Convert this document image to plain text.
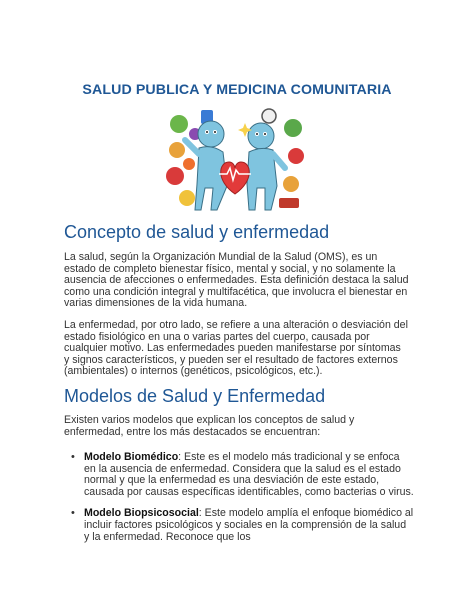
SALUD PUBLICA Y MEDICINA COMUNITARIA
Concepto de salud y enfermedad
La salud, según la Organización Mundial de la Salud (OMS), es un estado de completo bienestar físico, mental y social, y no solamente la ausencia de afecciones o enfermedades. Esta definición destaca la salud como una condición integral y multifacética, que involucra el bienestar en varias dimensiones de la vida humana.
La enfermedad, por otro lado, se refiere a una alteración o desviación del estado fisiológico en una o varias partes del cuerpo, causada por cualquier motivo. Las enfermedades pueden manifestarse por síntomas y signos característicos, y pueden ser el resultado de factores externos (ambientales) o internos (genéticos, psicológicos, etc.).
Modelos de Salud y Enfermedad
Existen varios modelos que explican los conceptos de salud y enfermedad, entre los más destacados se encuentran:
• Modelo Biomédico: Este es el modelo más tradicional y se enfoca en la ausencia de enfermedad. Considera que la salud es el estado normal y que la enfermedad es una desviación de este estado, causada por causas específicas identificables, como bacterias o virus.
• Modelo Biopsicosocial: Este modelo amplía el enfoque biomédico al incluir factores psicológicos y sociales en la comprensión de la salud y la enfermedad. Reconoce que los
